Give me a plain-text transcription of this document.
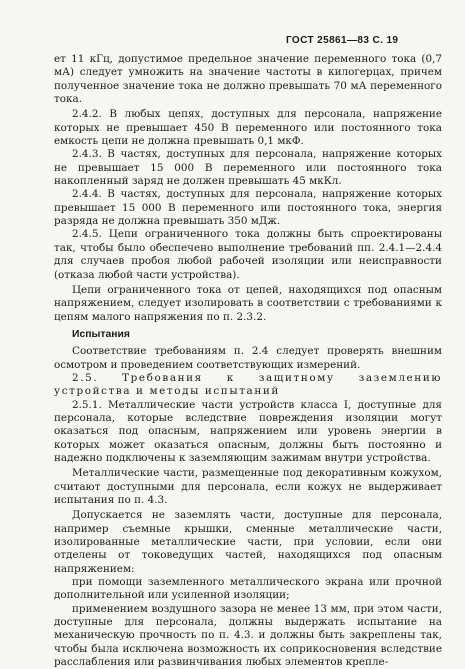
ГОСТ 25861—83 С. 19

ет 11 кГц, допустимое предельное значение переменного тока (0,7 мА) следует умножить на значение частоты в килогерцах, причем полученное значение тока не должно превышать 70 мА переменного тока.

2.4.2. В любых цепях, доступных для персонала, напряжение которых не превышает 450 В переменного или постоянного тока емкость цепи не должна превышать 0,1 мкФ.

2.4.3. В частях, доступных для персонала, напряжение которых не превышает 15 000 В переменного или постоянного тока накопленный заряд не должен превышать 45 мкКл.

2.4.4. В частях, доступных для персонала, напряжение которых превышает 15 000 В переменного или постоянного тока, энергия разряда не должна превышать 350 мДж.

2.4.5. Цепи ограниченного тока должны быть спроектированы так, чтобы было обеспечено выполнение требований пп. 2.4.1—2.4.4 для случаев пробоя любой рабочей изоляции или неисправности (отказа любой части устройства).

Цепи ограниченного тока от цепей, находящихся под опасным напряжением, следует изолировать в соответствии с требованиями к цепям малого напряжения по п. 2.3.2.

Испытания

Соответствие требованиям п. 2.4 следует проверять внешним осмотром и проведением соответствующих измерений.

2.5. Требования к защитному заземлению устройства и методы испытаний

2.5.1. Металлические части устройств класса I, доступные для персонала, которые вследствие повреждения изоляции могут оказаться под опасным, напряжением или уровень энергии в которых может оказаться опасным, должны быть постоянно и надежно подключены к заземляющим зажимам внутри устройства.

Металлические части, размещенные под декоративным кожухом, считают доступными для персонала, если кожух не выдерживает испытания по п. 4.3.

Допускается не заземлять части, доступные для персонала, например съемные крышки, сменные металлические части, изолированные металлические части, при условии, если они отделены от токоведущих частей, находящихся под опасным напряжением:

при помощи заземленного металлического экрана или прочной дополнительной или усиленной изоляции;

применением воздушного зазора не менее 13 мм, при этом части, доступные для персонала, должны выдержать испытание на механическую прочность по п. 4.3. и должны быть закреплены так, чтобы была исключена возможность их соприкосновения вследствие расслабления или развинчивания любых элементов крепле-
